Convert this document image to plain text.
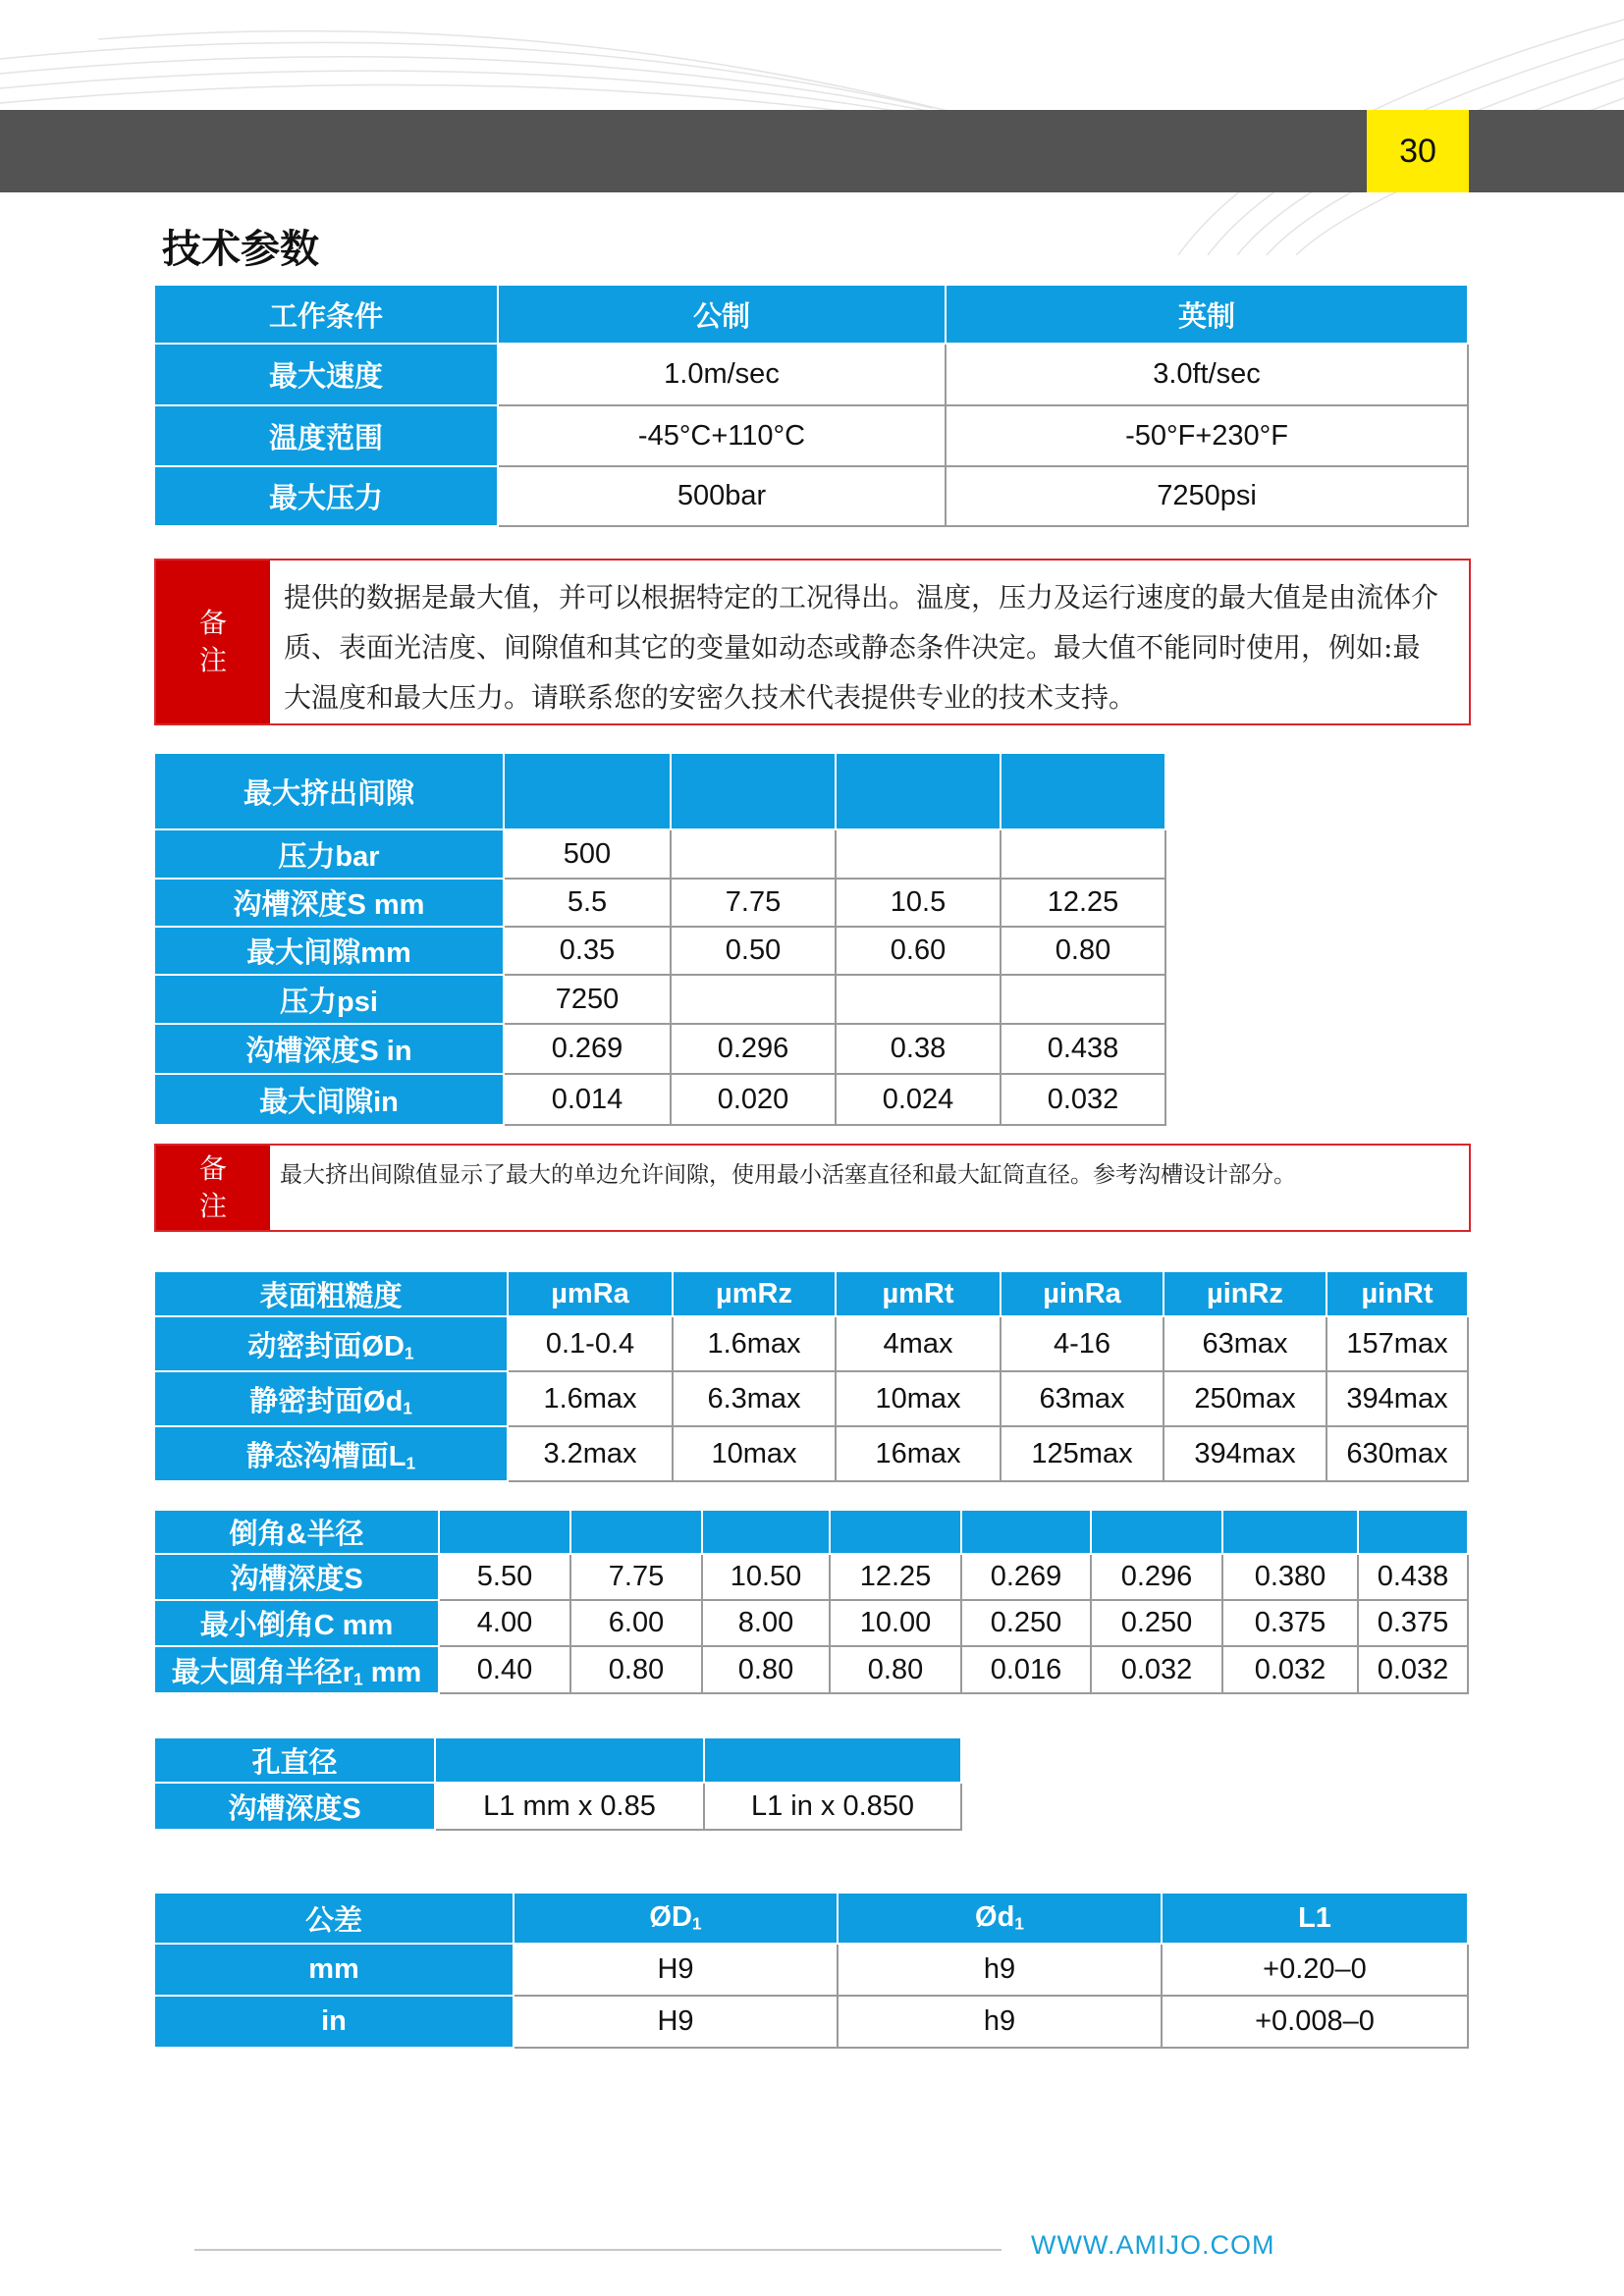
30
技术参数
工作条件	公制	英制
最大速度	1.0m/sec	3.0ft/sec
温度范围	-45°C+110°C	-50°F+230°F
最大压力	500bar	7250psi
备
注
提供的数据是最大值，并可以根据特定的工况得出。温度，压力及运行速度的最大值是由流体介质、表面光洁度、间隙值和其它的变量如动态或静态条件决定。最大值不能同时使用，例如:最大温度和最大压力。请联系您的安密久技术代表提供专业的技术支持。
最大挤出间隙				
压力bar	500			
沟槽深度S mm	5.5	7.75	10.5	12.25
最大间隙mm	0.35	0.50	0.60	0.80
压力psi	7250			
沟槽深度S in	0.269	0.296	0.38	0.438
最大间隙in	0.014	0.020	0.024	0.032
备
注
最大挤出间隙值显示了最大的单边允许间隙，使用最小活塞直径和最大缸筒直径。参考沟槽设计部分。
表面粗糙度	µmRa	µmRz	µmRt	µinRa	µinRz	µinRt
动密封面$ØD_1$	0.1-0.4	1.6max	4max	4-16	63max	157max
静密封面$Ød_1$	1.6max	6.3max	10max	63max	250max	394max
静态沟槽面$L_1$	3.2max	10max	16max	125max	394max	630max
倒角&半径								
沟槽深度S	5.50	7.75	10.50	12.25	0.269	0.296	0.380	0.438
最小倒角C mm	4.00	6.00	8.00	10.00	0.250	0.250	0.375	0.375
最大圆角半径$r_1$ mm	0.40	0.80	0.80	0.80	0.016	0.032	0.032	0.032
孔直径		
沟槽深度S	L1 mm x 0.85	L1 in x 0.850
公差	$ØD_1$	$Ød_1$	L1
mm	H9	h9	+0.20–0
in	H9	h9	+0.008–0
WWW.AMIJO.COM
